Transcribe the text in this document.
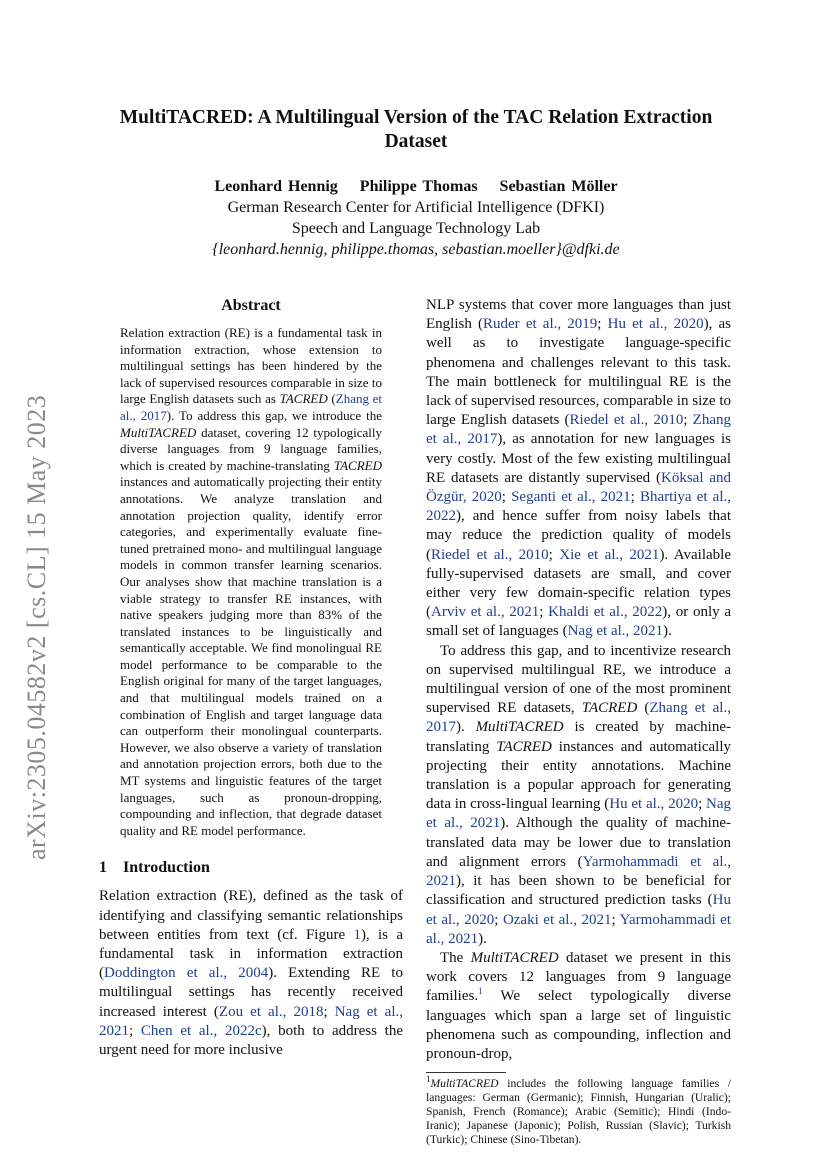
arXiv:2305.04582v2 [cs.CL] 15 May 2023
MultiTACRED: A Multilingual Version of the TAC Relation Extraction Dataset
Leonhard Hennig Philippe Thomas Sebastian Möller
German Research Center for Artificial Intelligence (DFKI)
Speech and Language Technology Lab
{leonhard.hennig, philippe.thomas, sebastian.moeller}@dfki.de
Abstract
Relation extraction (RE) is a fundamental task in information extraction, whose extension to multilingual settings has been hindered by the lack of supervised resources comparable in size to large English datasets such as TACRED (Zhang et al., 2017). To address this gap, we introduce the MultiTACRED dataset, covering 12 typologically diverse languages from 9 language families, which is created by machine-translating TACRED instances and automatically projecting their entity annotations. We analyze translation and annotation projection quality, identify error categories, and experimentally evaluate fine-tuned pretrained mono- and multilingual language models in common transfer learning scenarios. Our analyses show that machine translation is a viable strategy to transfer RE instances, with native speakers judging more than 83% of the translated instances to be linguistically and semantically acceptable. We find monolingual RE model performance to be comparable to the English original for many of the target languages, and that multilingual models trained on a combination of English and target language data can outperform their monolingual counterparts. However, we also observe a variety of translation and annotation projection errors, both due to the MT systems and linguistic features of the target languages, such as pronoun-dropping, compounding and inflection, that degrade dataset quality and RE model performance.
1 Introduction

Relation extraction (RE), defined as the task of identifying and classifying semantic relationships between entities from text (cf. Figure 1), is a fundamental task in information extraction (Doddington et al., 2004). Extending RE to multilingual settings has recently received increased interest (Zou et al., 2018; Nag et al., 2021; Chen et al., 2022c), both to address the urgent need for more inclusive

NLP systems that cover more languages than just English (Ruder et al., 2019; Hu et al., 2020), as well as to investigate language-specific phenomena and challenges relevant to this task. The main bottleneck for multilingual RE is the lack of supervised resources, comparable in size to large English datasets (Riedel et al., 2010; Zhang et al., 2017), as annotation for new languages is very costly. Most of the few existing multilingual RE datasets are distantly supervised (Köksal and Özgür, 2020; Seganti et al., 2021; Bhartiya et al., 2022), and hence suffer from noisy labels that may reduce the prediction quality of models (Riedel et al., 2010; Xie et al., 2021). Available fully-supervised datasets are small, and cover either very few domain-specific relation types (Arviv et al., 2021; Khaldi et al., 2022), or only a small set of languages (Nag et al., 2021).

To address this gap, and to incentivize research on supervised multilingual RE, we introduce a multilingual version of one of the most prominent supervised RE datasets, TACRED (Zhang et al., 2017). MultiTACRED is created by machine-translating TACRED instances and automatically projecting their entity annotations. Machine translation is a popular approach for generating data in cross-lingual learning (Hu et al., 2020; Nag et al., 2021). Although the quality of machine-translated data may be lower due to translation and alignment errors (Yarmohammadi et al., 2021), it has been shown to be beneficial for classification and structured prediction tasks (Hu et al., 2020; Ozaki et al., 2021; Yarmohammadi et al., 2021).

The MultiTACRED dataset we present in this work covers 12 languages from 9 language families.$^1$ We select typologically diverse languages which span a large set of linguistic phenomena such as compounding, inflection and pronoun-drop,

$^1$MultiTACRED includes the following language families / languages: German (Germanic); Finnish, Hungarian (Uralic); Spanish, French (Romance); Arabic (Semitic); Hindi (Indo-Iranic); Japanese (Japonic); Polish, Russian (Slavic); Turkish (Turkic); Chinese (Sino-Tibetan).
